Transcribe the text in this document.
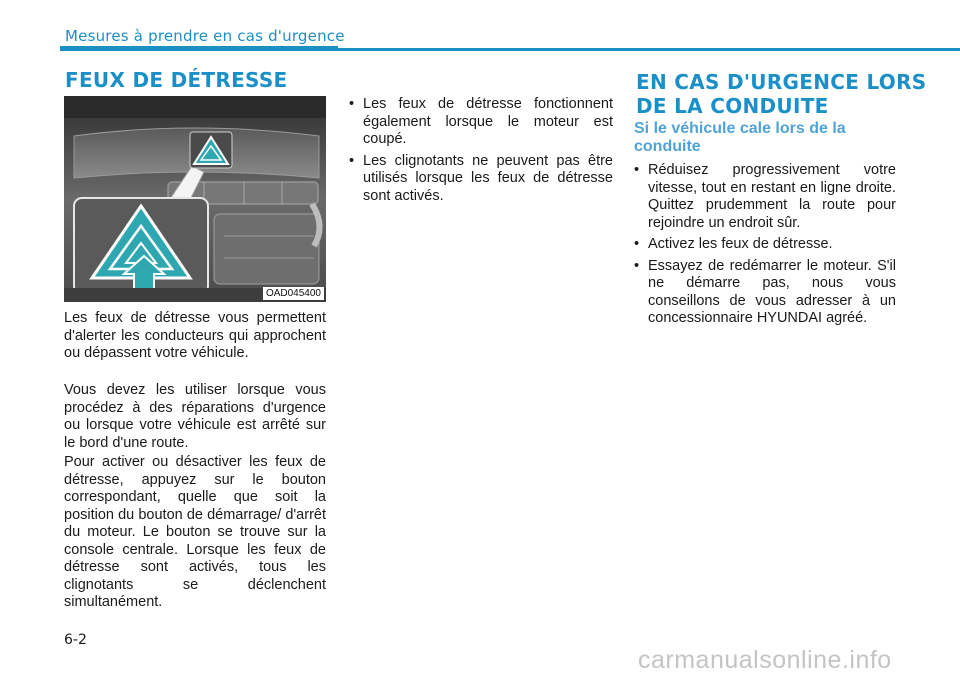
Mesures à prendre en cas d'urgence
FEUX DE DÉTRESSE
OAD045400

Les feux de détresse vous permettent d'alerter les conducteurs qui approchent ou dépassent votre véhicule.

Vous devez les utiliser lorsque vous procédez à des réparations d'urgence ou lorsque votre véhicule est arrêté sur le bord d'une route.

Pour activer ou désactiver les feux de détresse, appuyez sur le bouton correspondant, quelle que soit la position du bouton de démarrage/ d'arrêt du moteur. Le bouton se trouve sur la console centrale. Lorsque les feux de détresse sont activés, tous les clignotants se déclenchent simultanément.

• Les feux de détresse fonctionnent également lorsque le moteur est coupé.
• Les clignotants ne peuvent pas être utilisés lorsque les feux de détresse sont activés.
EN CAS D'URGENCE LORS
DE LA CONDUITE

Si le véhicule cale lors de la conduite

• Réduisez progressivement votre vitesse, tout en restant en ligne droite. Quittez prudemment la route pour rejoindre un endroit sûr.
• Activez les feux de détresse.
• Essayez de redémarrer le moteur. S'il ne démarre pas, nous vous conseillons de vous adresser à un concessionnaire HYUNDAI agréé.
6-2
carmanualsonline.info
